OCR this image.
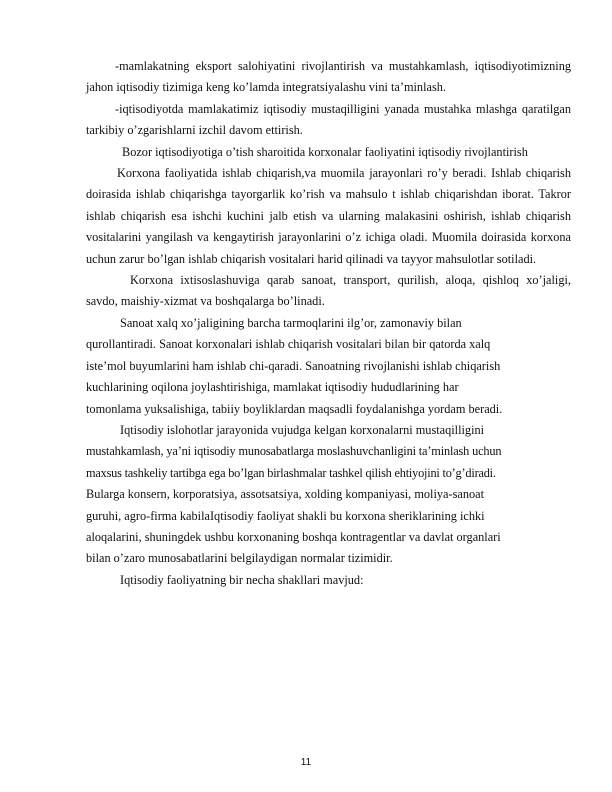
-mamlakatning eksport salohiyatini rivojlantirish va mustahkamlash, iqtisodiyotimizning jahon iqtisodiy tizimiga keng ko’lamda integratsiyalashu vini ta’minlash.

-iqtisodiyotda mamlakatimiz iqtisodiy mustaqilligini yanada mustahka mlashga qaratilgan tarkibiy o’zgarishlarni izchil davom ettirish.

Bozor iqtisodiyotiga o’tish sharoitida korxonalar faoliyatini iqtisodiy rivojlantirish

Korxona faoliyatida ishlab chiqarish,va muomila jarayonlari ro’y beradi. Ishlab chiqarish doirasida ishlab chiqarishga tayorgarlik ko’rish va mahsulo t ishlab chiqarishdan iborat. Takror ishlab chiqarish esa ishchi kuchini jalb etish va ularning malakasini oshirish, ishlab chiqarish vositalarini yangilash va kengaytirish jarayonlarini o’z ichiga oladi. Muomila doirasida korxona uchun zarur bo’lgan ishlab chiqarish vositalari harid qilinadi va tayyor mahsulotlar sotiladi.

Korxona ixtisoslashuviga qarab sanoat, transport, qurilish, aloqa, qishloq xo’jaligi, savdo, maishiy-xizmat va boshqalarga bo’linadi.

Sanoat xalq xo’jaligining barcha tarmoqlarini ilg’or, zamonaviy bilan
qurollantiradi. Sanoat korxonalari ishlab chiqarish vositalari bilan bir qatorda xalq
iste’mol buyumlarini ham ishlab chi-qaradi. Sanoatning rivojlanishi ishlab chiqarish
kuchlarining oqilona joylashtirishiga, mamlakat iqtisodiy hududlarining har
tomonlama yuksalishiga, tabiiy boyliklardan maqsadli foydalanishga yordam beradi.
Iqtisodiy islohotlar jarayonida vujudga kelgan korxonalarni mustaqilligini
mustahkamlash, ya’ni iqtisodiy munosabatlarga moslashuvchanligini ta’minlash uchun
maxsus tashkeliy tartibga ega bo’lgan birlashmalar tashkel qilish ehtiyojini to’g’diradi.
Bularga konsern, korporatsiya, assotsatsiya, xolding kompaniyasi, moliya-sanoat
guruhi, agro-firma kabilaIqtisodiy faoliyat shakli bu korxona sheriklarining ichki
aloqalarini, shuningdek ushbu korxonaning boshqa kontragentlar va davlat organlari
bilan o’zaro munosabatlarini belgilaydigan normalar tizimidir.
Iqtisodiy faoliyatning bir necha shakllari mavjud:
11
